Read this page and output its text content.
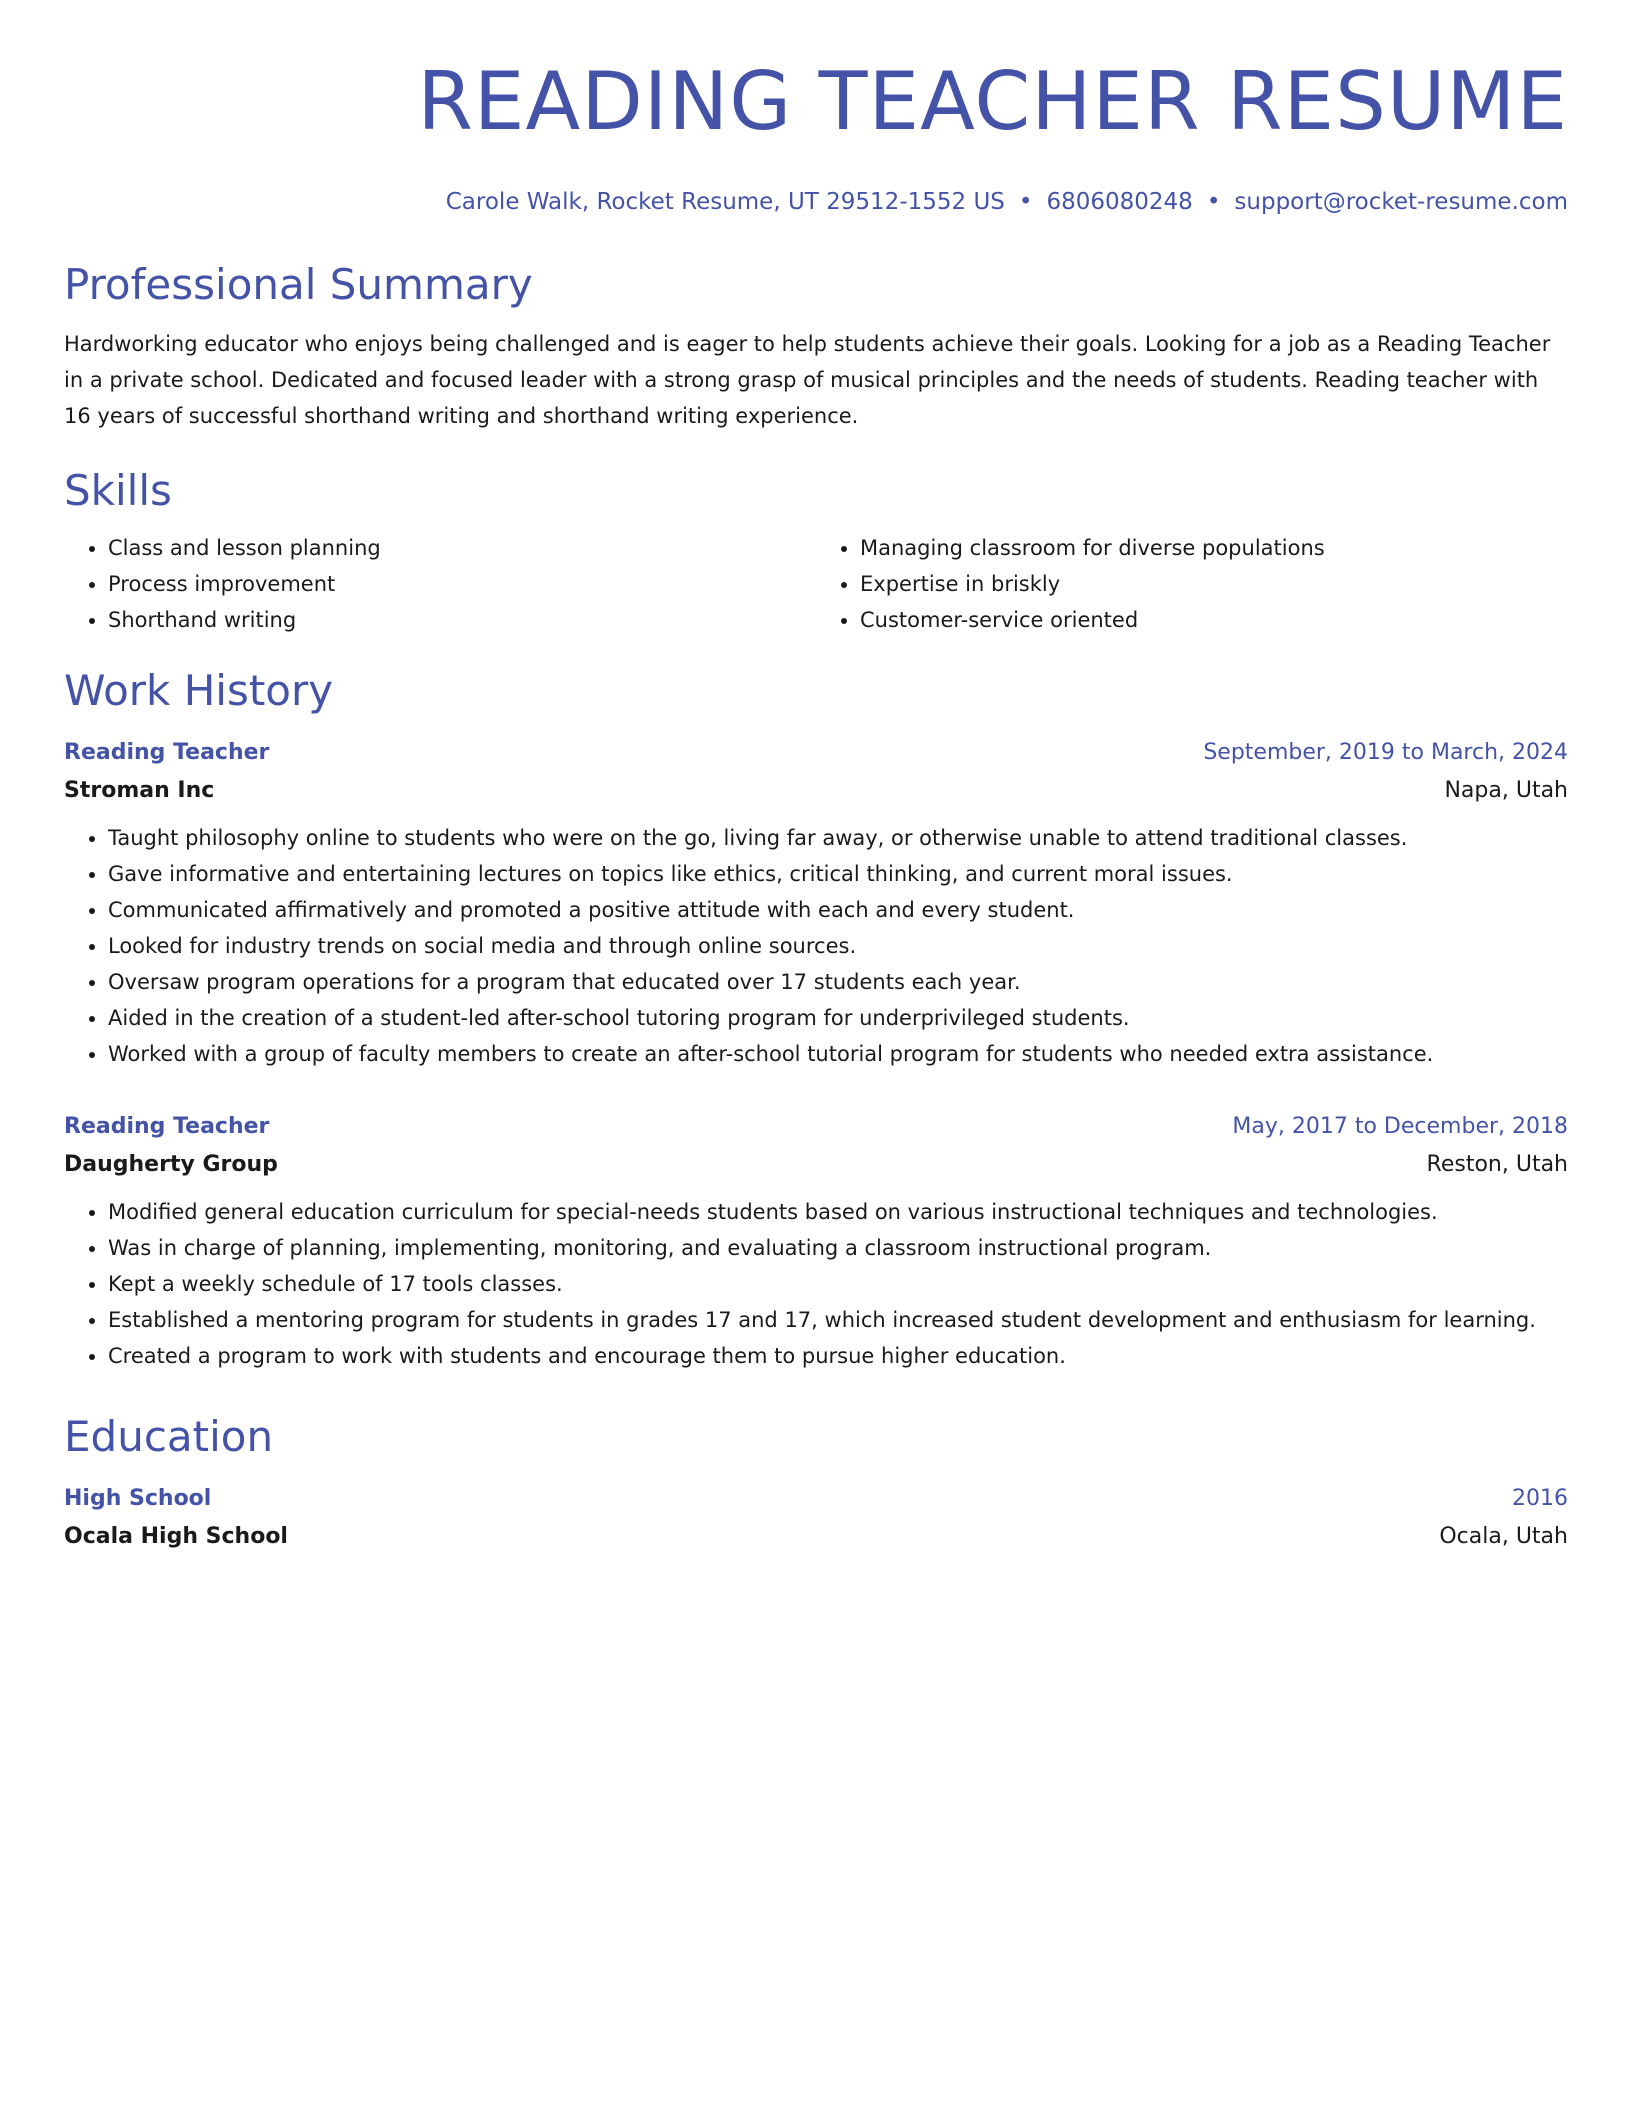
READING TEACHER RESUME
Carole Walk, Rocket Resume, UT 29512-1552 US • 6806080248 • support@rocket-resume.com
Professional Summary
Hardworking educator who enjoys being challenged and is eager to help students achieve their goals. Looking for a job as a Reading Teacher in a private school. Dedicated and focused leader with a strong grasp of musical principles and the needs of students. Reading teacher with 16 years of successful shorthand writing and shorthand writing experience.
Skills
• Class and lesson planning
• Process improvement
• Shorthand writing
• Managing classroom for diverse populations
• Expertise in briskly
• Customer-service oriented
Work History
Reading Teacher	September, 2019 to March, 2024
Stroman Inc	Napa, Utah
• Taught philosophy online to students who were on the go, living far away, or otherwise unable to attend traditional classes.
• Gave informative and entertaining lectures on topics like ethics, critical thinking, and current moral issues.
• Communicated affirmatively and promoted a positive attitude with each and every student.
• Looked for industry trends on social media and through online sources.
• Oversaw program operations for a program that educated over 17 students each year.
• Aided in the creation of a student-led after-school tutoring program for underprivileged students.
• Worked with a group of faculty members to create an after-school tutorial program for students who needed extra assistance.
Reading Teacher	May, 2017 to December, 2018
Daugherty Group	Reston, Utah
• Modified general education curriculum for special-needs students based on various instructional techniques and technologies.
• Was in charge of planning, implementing, monitoring, and evaluating a classroom instructional program.
• Kept a weekly schedule of 17 tools classes.
• Established a mentoring program for students in grades 17 and 17, which increased student development and enthusiasm for learning.
• Created a program to work with students and encourage them to pursue higher education.
Education
High School	2016
Ocala High School	Ocala, Utah
